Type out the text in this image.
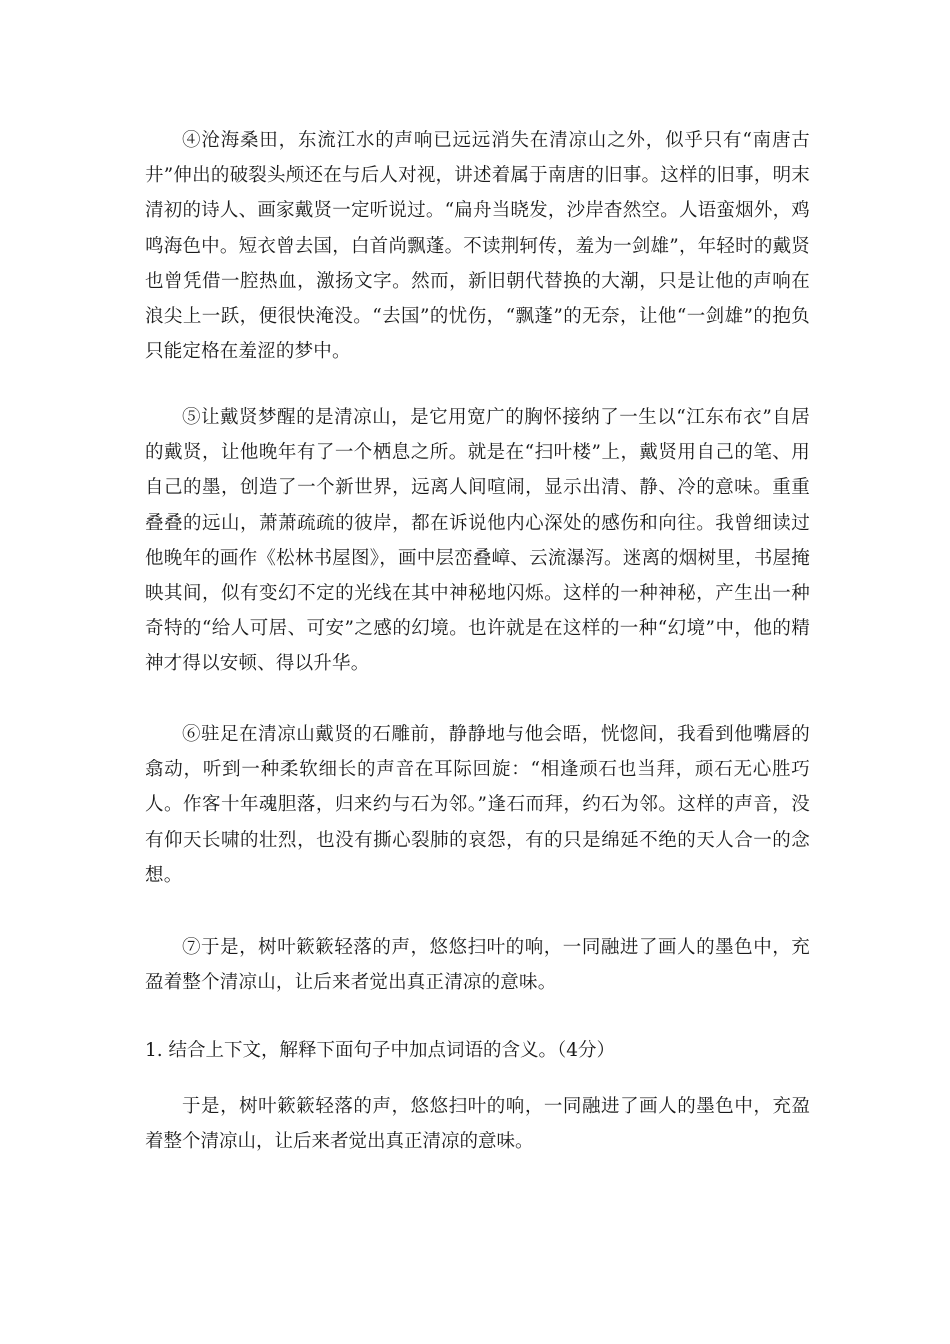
④沧海桑田，东流江水的声响已远远消失在清凉山之外，似乎只有“南唐古井”伸出的破裂头颅还在与后人对视，讲述着属于南唐的旧事。这样的旧事，明末清初的诗人、画家戴贤一定听说过。“扁舟当晓发，沙岸杳然空。人语蛮烟外，鸡鸣海色中。短衣曾去国，白首尚飘蓬。不读荆轲传，羞为一剑雄”，年轻时的戴贤也曾凭借一腔热血，激扬文字。然而，新旧朝代替换的大潮，只是让他的声响在浪尖上一跃，便很快淹没。“去国”的忧伤，“飘蓬”的无奈，让他“一剑雄”的抱负只能定格在羞涩的梦中。

⑤让戴贤梦醒的是清凉山，是它用宽广的胸怀接纳了一生以“江东布衣”自居的戴贤，让他晚年有了一个栖息之所。就是在“扫叶楼”上，戴贤用自己的笔、用自己的墨，创造了一个新世界，远离人间喧闹，显示出清、静、冷的意味。重重叠叠的远山，萧萧疏疏的彼岸，都在诉说他内心深处的感伤和向往。我曾细读过他晚年的画作《松林书屋图》，画中层峦叠嶂、云流瀑泻。迷离的烟树里，书屋掩映其间，似有变幻不定的光线在其中神秘地闪烁。这样的一种神秘，产生出一种奇特的“给人可居、可安”之感的幻境。也许就是在这样的一种“幻境”中，他的精神才得以安顿、得以升华。

⑥驻足在清凉山戴贤的石雕前，静静地与他会晤，恍惚间，我看到他嘴唇的翕动，听到一种柔软细长的声音在耳际回旋：“相逢顽石也当拜，顽石无心胜巧人。作客十年魂胆落，归来约与石为邻。”逢石而拜，约石为邻。这样的声音，没有仰天长啸的壮烈，也没有撕心裂肺的哀怨，有的只是绵延不绝的天人合一的念想。

⑦于是，树叶簌簌轻落的声，悠悠扫叶的响，一同融进了画人的墨色中，充盈着整个清凉山，让后来者觉出真正清凉的意味。

1. 结合上下文，解释下面句子中加点词语的含义。（4分）

于是，树叶簌簌轻落的声，悠悠扫叶的响，一同融进了画人的墨色中，充盈着整个清凉山，让后来者觉出真正清凉的意味。
